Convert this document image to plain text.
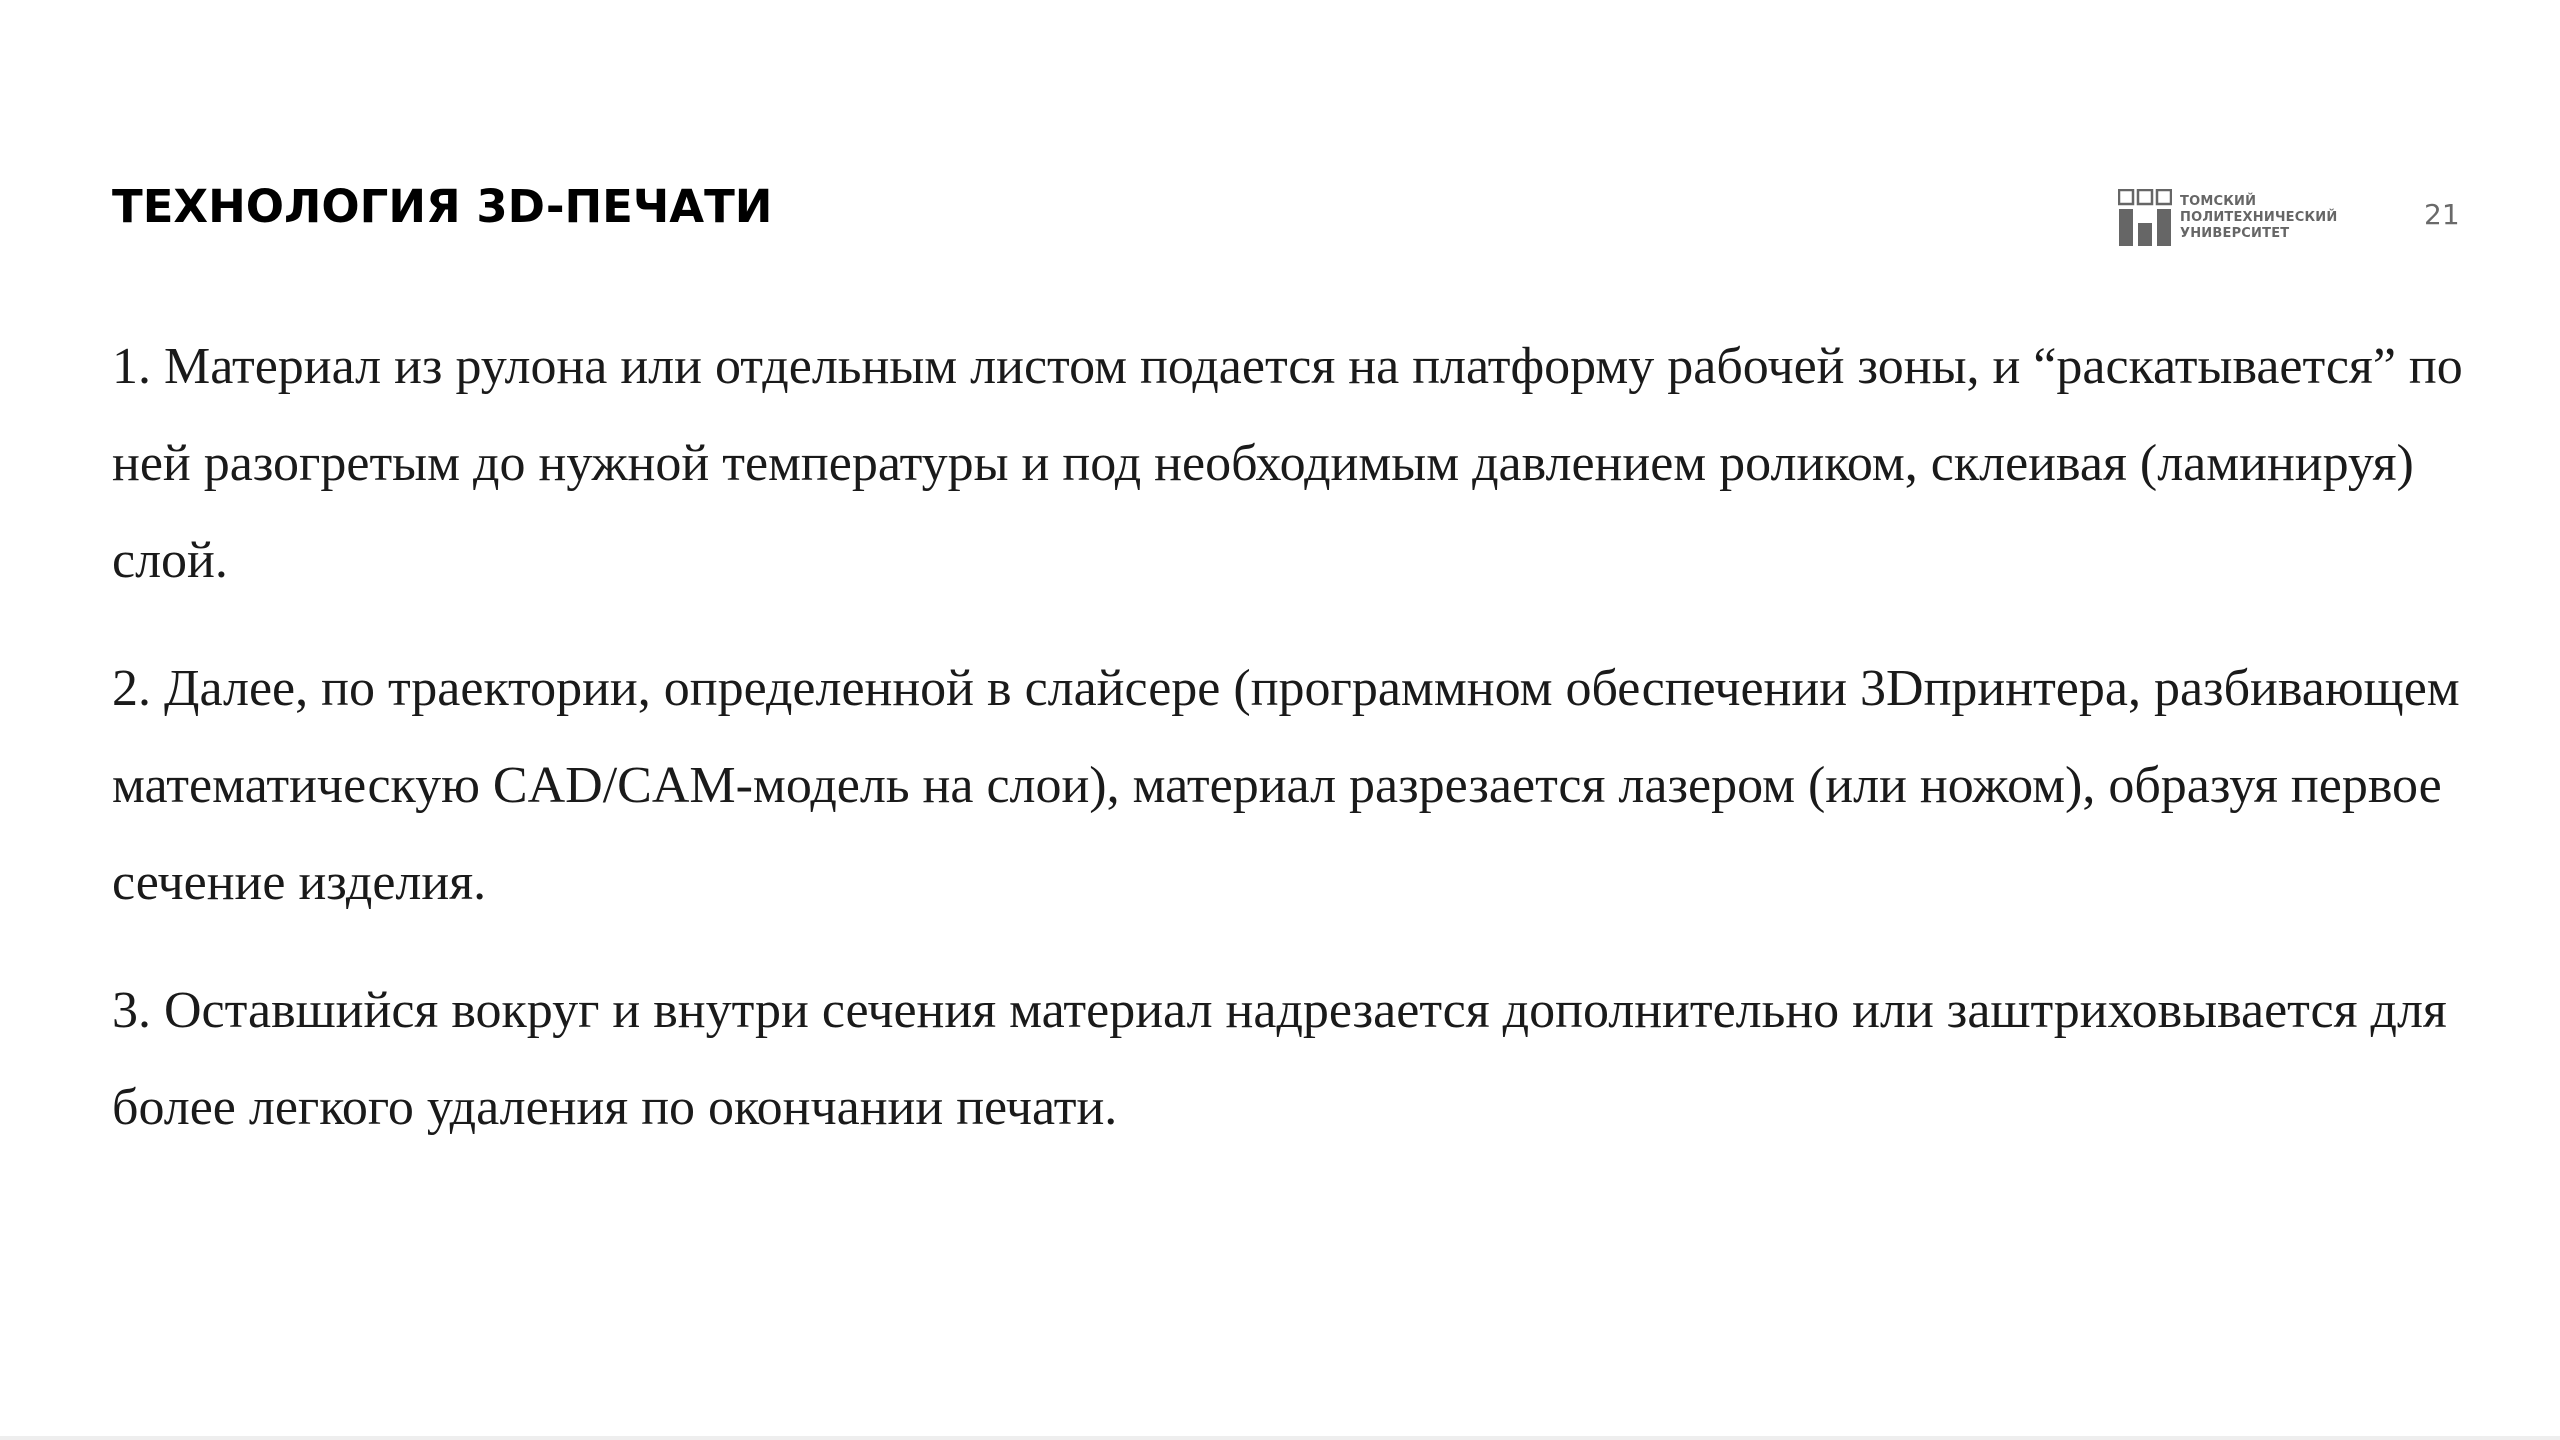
ТЕХНОЛОГИЯ 3D-ПЕЧАТИ	ТОМСКИЙ
ПОЛИТЕХНИЧЕСКИЙ
УНИВЕРСИТЕТ
21

1. Материал из рулона или отдельным листом подается на платформу рабочей зоны, и “раскатывается” по ней разогретым до нужной температуры и под необходимым давлением роликом, склеивая (ламинируя) слой.

2. Далее, по траектории, определенной в слайсере (программном обеспечении 3Dпринтера, разбивающем математическую CAD/CAM-модель на слои), материал разрезается лазером (или ножом), образуя первое сечение изделия.

3. Оставшийся вокруг и внутри сечения материал надрезается дополнительно или заштриховывается для более легкого удаления по окончании печати.
